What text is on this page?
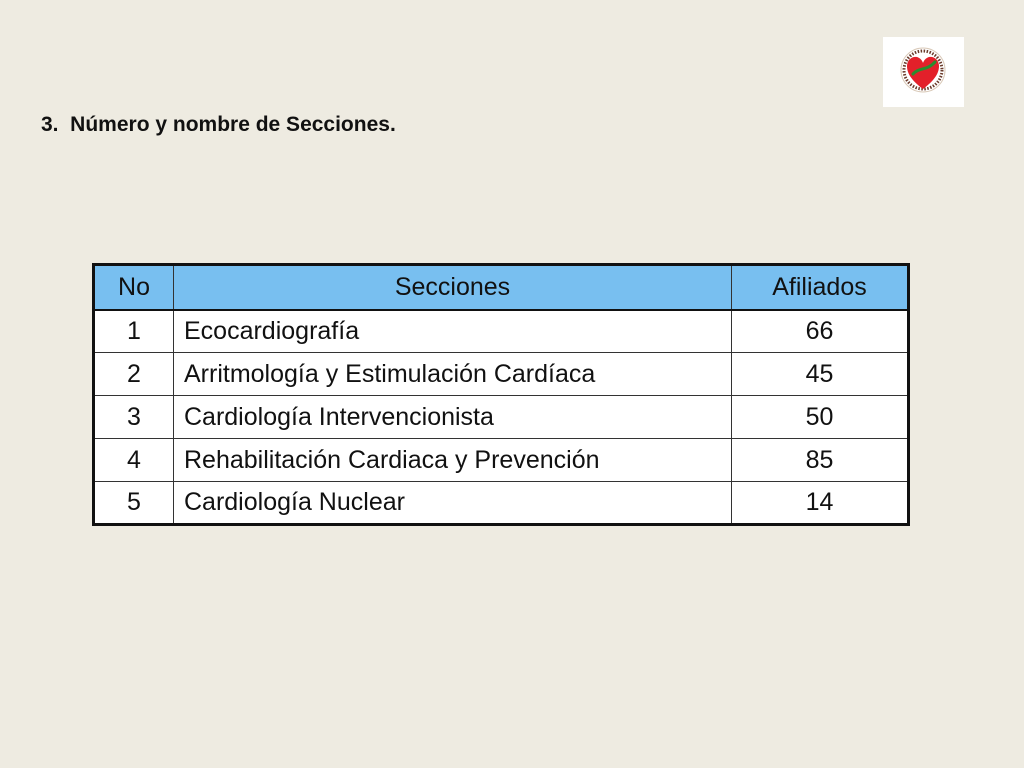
3.  Número y nombre de Secciones.
No	Secciones	Afiliados
1	Ecocardiografía	66
2	Arritmología y Estimulación Cardíaca	45
3	Cardiología Intervencionista	50
4	Rehabilitación Cardiaca y Prevención	85
5	Cardiología Nuclear	14
